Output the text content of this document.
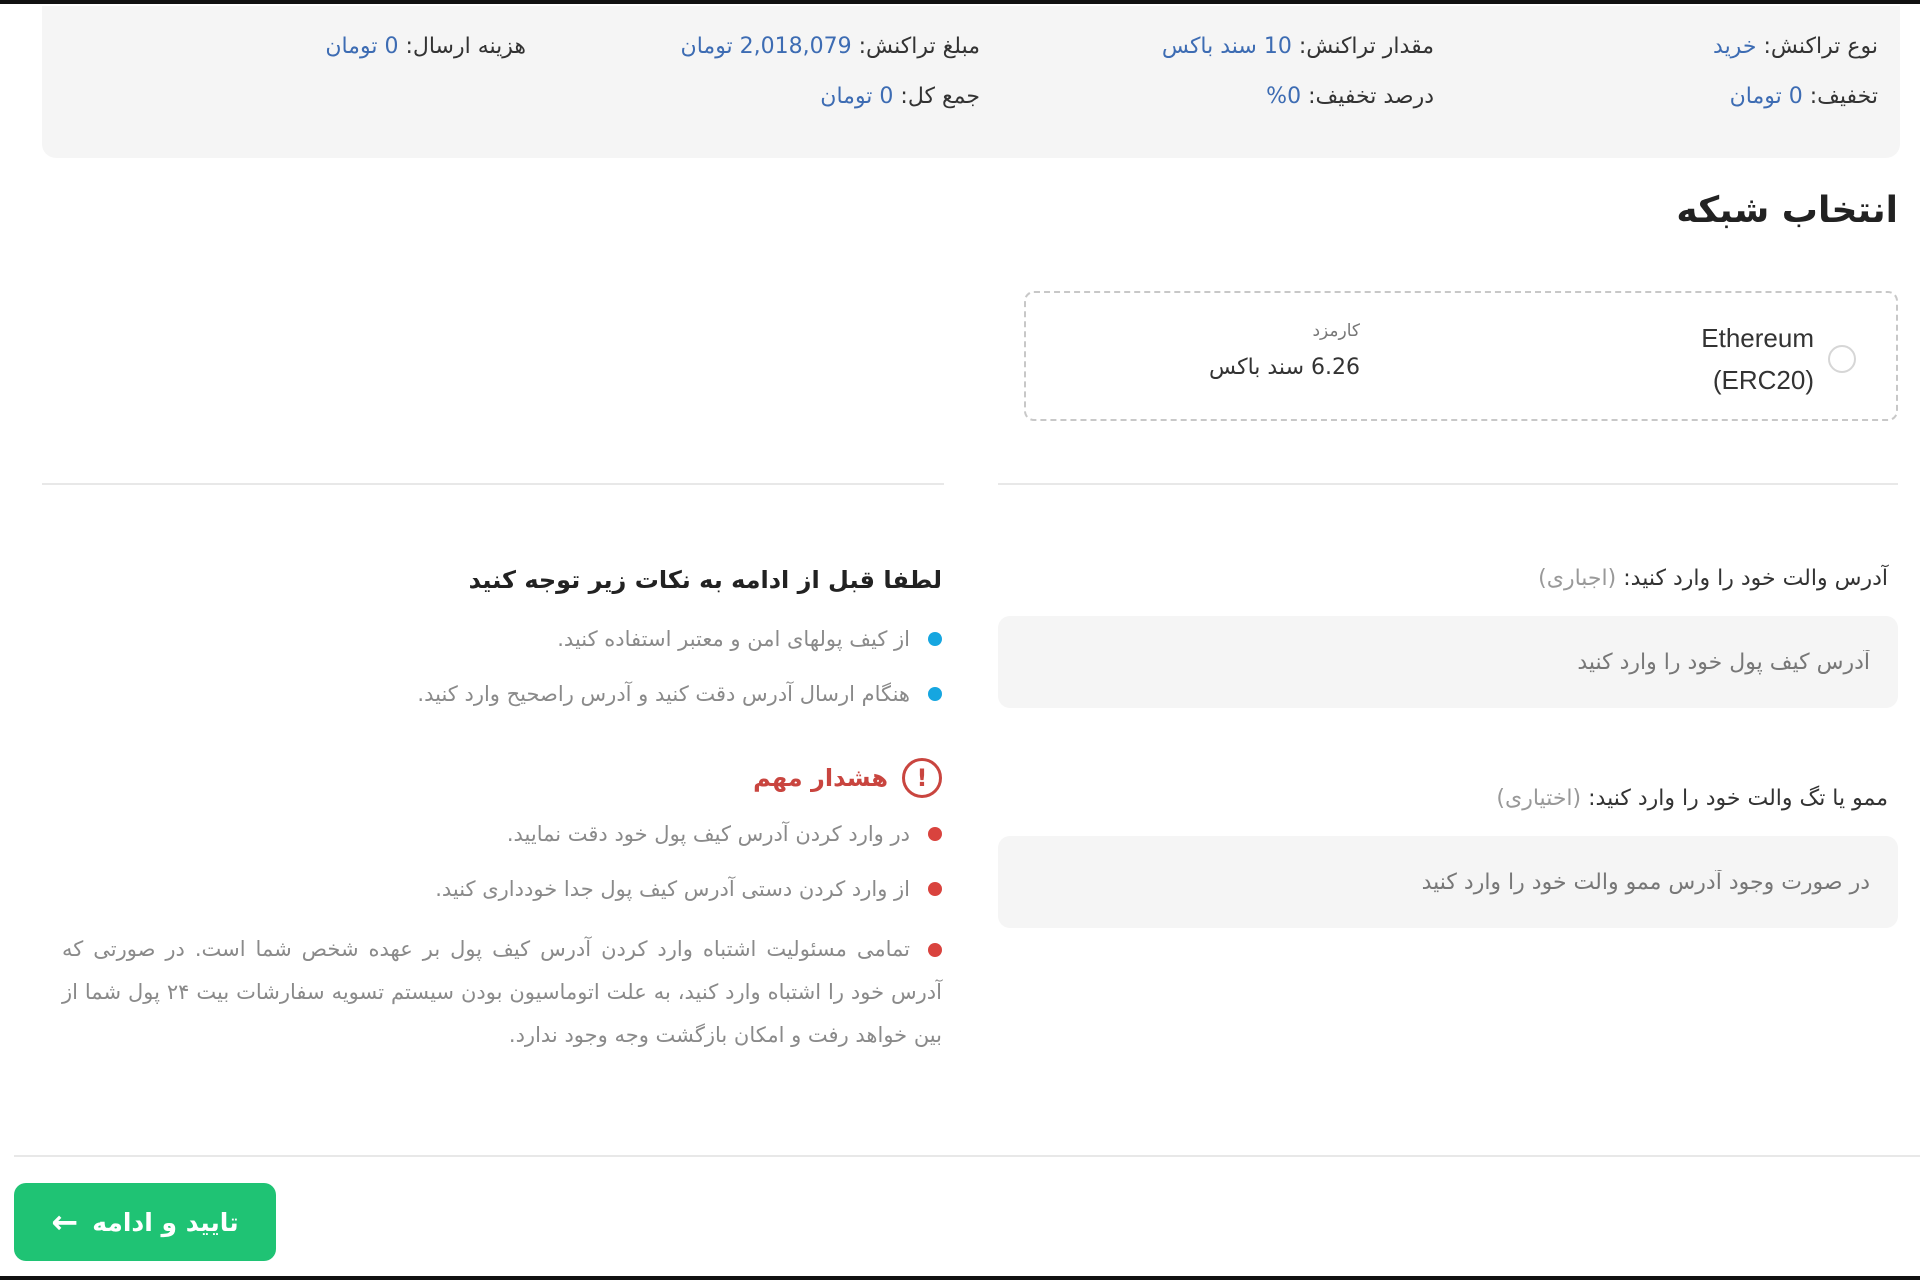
نوع تراکنش: خرید
مقدار تراکنش: 10 سند باکس
مبلغ تراکنش: 2,018,079 تومان
هزینه ارسال: 0 تومان
تخفیف: 0 تومان
درصد تخفیف: 0%
جمع کل: 0 تومان
انتخاب شبکه
Ethereum
(ERC20)
کارمزد
6.26 سند باکس
آدرس والت خود را وارد کنید: (اجباری)
آدرس کیف پول خود را وارد کنید
ممو یا تگ والت خود را وارد کنید: (اختیاری)
در صورت وجود آدرس ممو والت خود را وارد کنید
لطفا قبل از ادامه به نکات زیر توجه کنید
از کیف پولهای امن و معتبر استفاده کنید.
هنگام ارسال آدرس دقت کنید و آدرس راصحیح وارد کنید.
!
هشدار مهم
در وارد کردن آدرس کیف پول خود دقت نمایید.
از وارد کردن دستی آدرس کیف پول جدا خودداری کنید.
تمامی مسئولیت اشتباه وارد کردن آدرس کیف پول بر عهده شخص شما است. در صورتی که آدرس خود را اشتباه وارد کنید، به علت اتوماسیون بودن سیستم تسویه سفارشات بیت ۲۴ پول شما از بین خواهد رفت و امکان بازگشت وجه وجود ندارد.
تایید و ادامه
←
